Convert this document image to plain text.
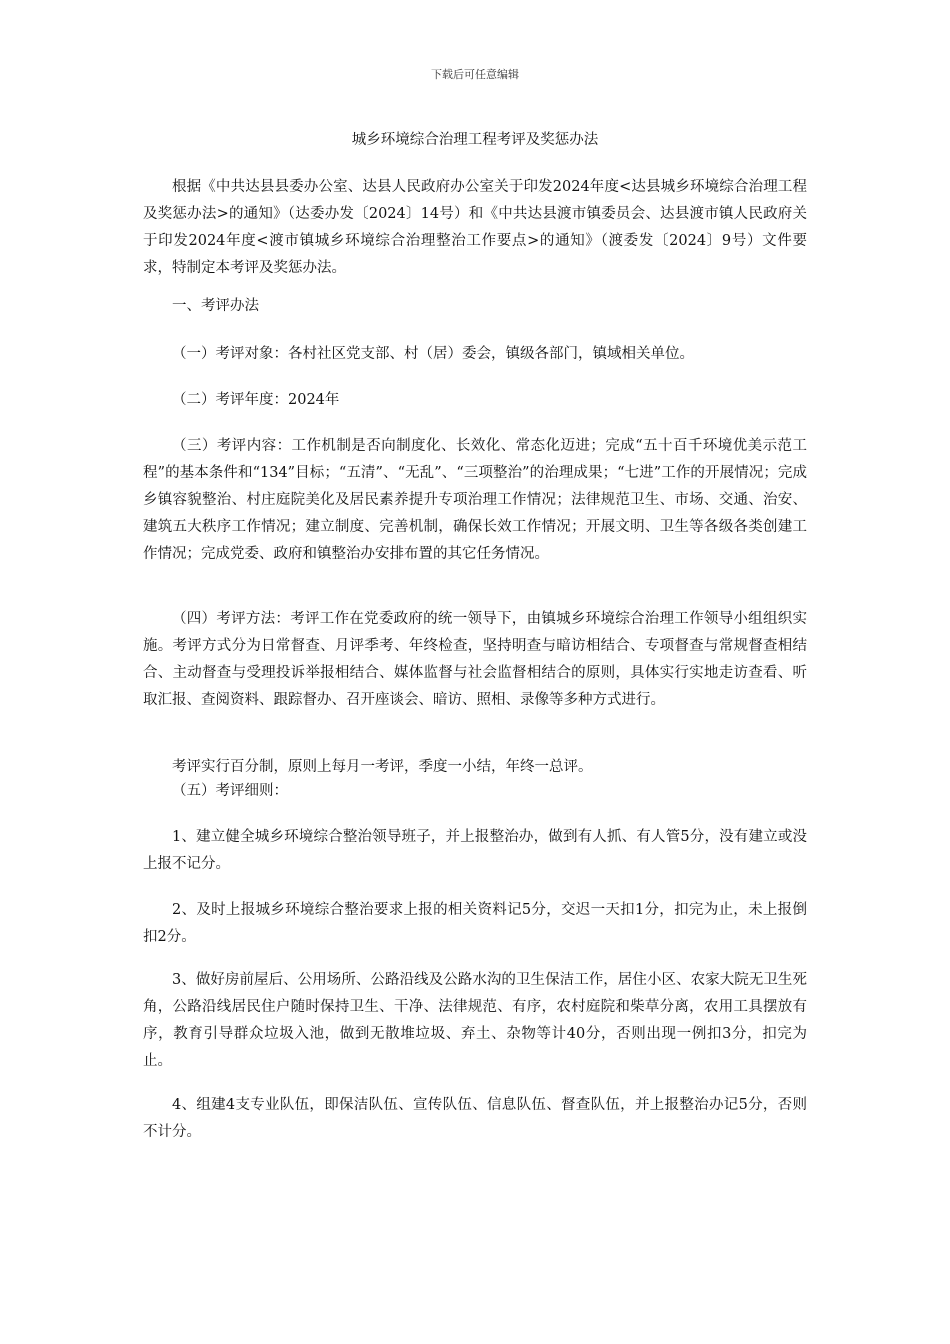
下载后可任意编辑
城乡环境综合治理工程考评及奖惩办法

根据《中共达县县委办公室、达县人民政府办公室关于印发2024年度<达县城乡环境综合治理工程及奖惩办法>的通知》（达委办发〔2024〕14号）和《中共达县渡市镇委员会、达县渡市镇人民政府关于印发2024年度<渡市镇城乡环境综合治理整治工作要点>的通知》（渡委发〔2024〕9号）文件要求，特制定本考评及奖惩办法。

一、考评办法

（一）考评对象：各村社区党支部、村（居）委会，镇级各部门，镇域相关单位。

（二）考评年度：2024年

（三）考评内容：工作机制是否向制度化、长效化、常态化迈进；完成“五十百千环境优美示范工程”的基本条件和“134”目标；“五清”、“无乱”、“三项整治”的治理成果；“七进”工作的开展情况；完成乡镇容貌整治、村庄庭院美化及居民素养提升专项治理工作情况；法律规范卫生、市场、交通、治安、建筑五大秩序工作情况；建立制度、完善机制，确保长效工作情况；开展文明、卫生等各级各类创建工作情况；完成党委、政府和镇整治办安排布置的其它任务情况。

（四）考评方法：考评工作在党委政府的统一领导下，由镇城乡环境综合治理工作领导小组组织实施。考评方式分为日常督查、月评季考、年终检查，坚持明查与暗访相结合、专项督查与常规督查相结合、主动督查与受理投诉举报相结合、媒体监督与社会监督相结合的原则，具体实行实地走访查看、听取汇报、查阅资料、跟踪督办、召开座谈会、暗访、照相、录像等多种方式进行。

考评实行百分制，原则上每月一考评，季度一小结，年终一总评。

（五）考评细则：

1、建立健全城乡环境综合整治领导班子，并上报整治办，做到有人抓、有人管5分，没有建立或没上报不记分。

2、及时上报城乡环境综合整治要求上报的相关资料记5分，交迟一天扣1分，扣完为止，未上报倒扣2分。

3、做好房前屋后、公用场所、公路沿线及公路水沟的卫生保洁工作，居住小区、农家大院无卫生死角，公路沿线居民住户随时保持卫生、干净、法律规范、有序，农村庭院和柴草分离，农用工具摆放有序，教育引导群众垃圾入池，做到无散堆垃圾、弃土、杂物等计40分，否则出现一例扣3分，扣完为止。

4、组建4支专业队伍，即保洁队伍、宣传队伍、信息队伍、督查队伍，并上报整治办记5分，否则不计分。
